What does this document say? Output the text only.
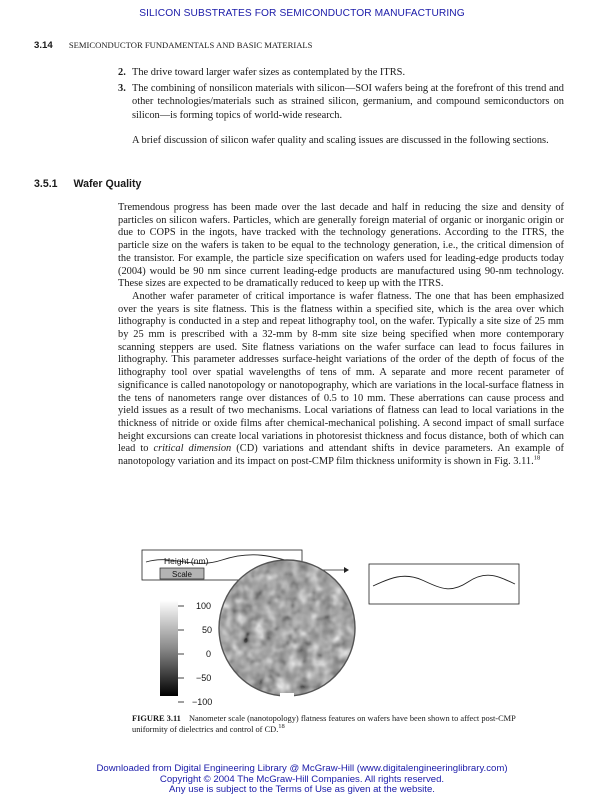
SILICON SUBSTRATES FOR SEMICONDUCTOR MANUFACTURING
3.14 SEMICONDUCTOR FUNDAMENTALS AND BASIC MATERIALS
2. The drive toward larger wafer sizes as contemplated by the ITRS.
3. The combining of nonsilicon materials with silicon—SOI wafers being at the forefront of this trend and other technologies/materials such as strained silicon, germanium, and compound semiconductors on silicon—is forming topics of world-wide research.
A brief discussion of silicon wafer quality and scaling issues are discussed in the following sections.
3.5.1 Wafer Quality

Tremendous progress has been made over the last decade and half in reducing the size and density of particles on silicon wafers. Particles, which are generally foreign material of organic or inorganic origin or due to COPS in the ingots, have tracked with the technology generations. According to the ITRS, the particle size on the wafers is taken to be equal to the technology generation, i.e., the critical dimension of the transistor. For example, the particle size specification on wafers used for leading-edge products today (2004) would be 90 nm since current leading-edge products are manufactured using 90-nm technology. These sizes are expected to be dramatically reduced to keep up with the ITRS.

Another wafer parameter of critical importance is wafer flatness. The one that has been emphasized over the years is site flatness. This is the flatness within a specified site, which is the area over which lithography is conducted in a step and repeat lithography tool, on the wafer. Typically a site size of 25 mm by 25 mm is prescribed with a 32-mm by 8-mm site size being specified when more contemporary scanning steppers are used. Site flatness variations on the wafer surface can lead to focus failures in lithography. This parameter addresses surface-height variations of the order of the depth of focus of the lithography tool over spatial wavelengths of tens of mm. A separate and more recent parameter of significance is called nanotopology or nanotopography, which are variations in the local-surface flatness in the tens of nanometers range over distances of 0.5 to 10 mm. These aberrations can cause process and yield issues as a result of two mechanisms. Local variations of flatness can lead to local variations in the thickness of nitride or oxide films after chemical-mechanical polishing. A second impact of small surface height excursions can create local variations in photoresist thickness and focus distance, both of which can lead to critical dimension (CD) variations and attendant shifts in device parameters. An example of nanotopology variation and its impact on post-CMP film thickness uniformity is shown in Fig. 3.11.18

Height (nm)
Scale
100
50
0
−50
−100
FIGURE 3.11 Nanometer scale (nanotopology) flatness features on wafers have been shown to affect post-CMP uniformity of dielectrics and control of CD.$^{18}$
Downloaded from Digital Engineering Library @ McGraw-Hill (www.digitalengineeringlibrary.com)
Copyright © 2004 The McGraw-Hill Companies. All rights reserved.
Any use is subject to the Terms of Use as given at the website.
